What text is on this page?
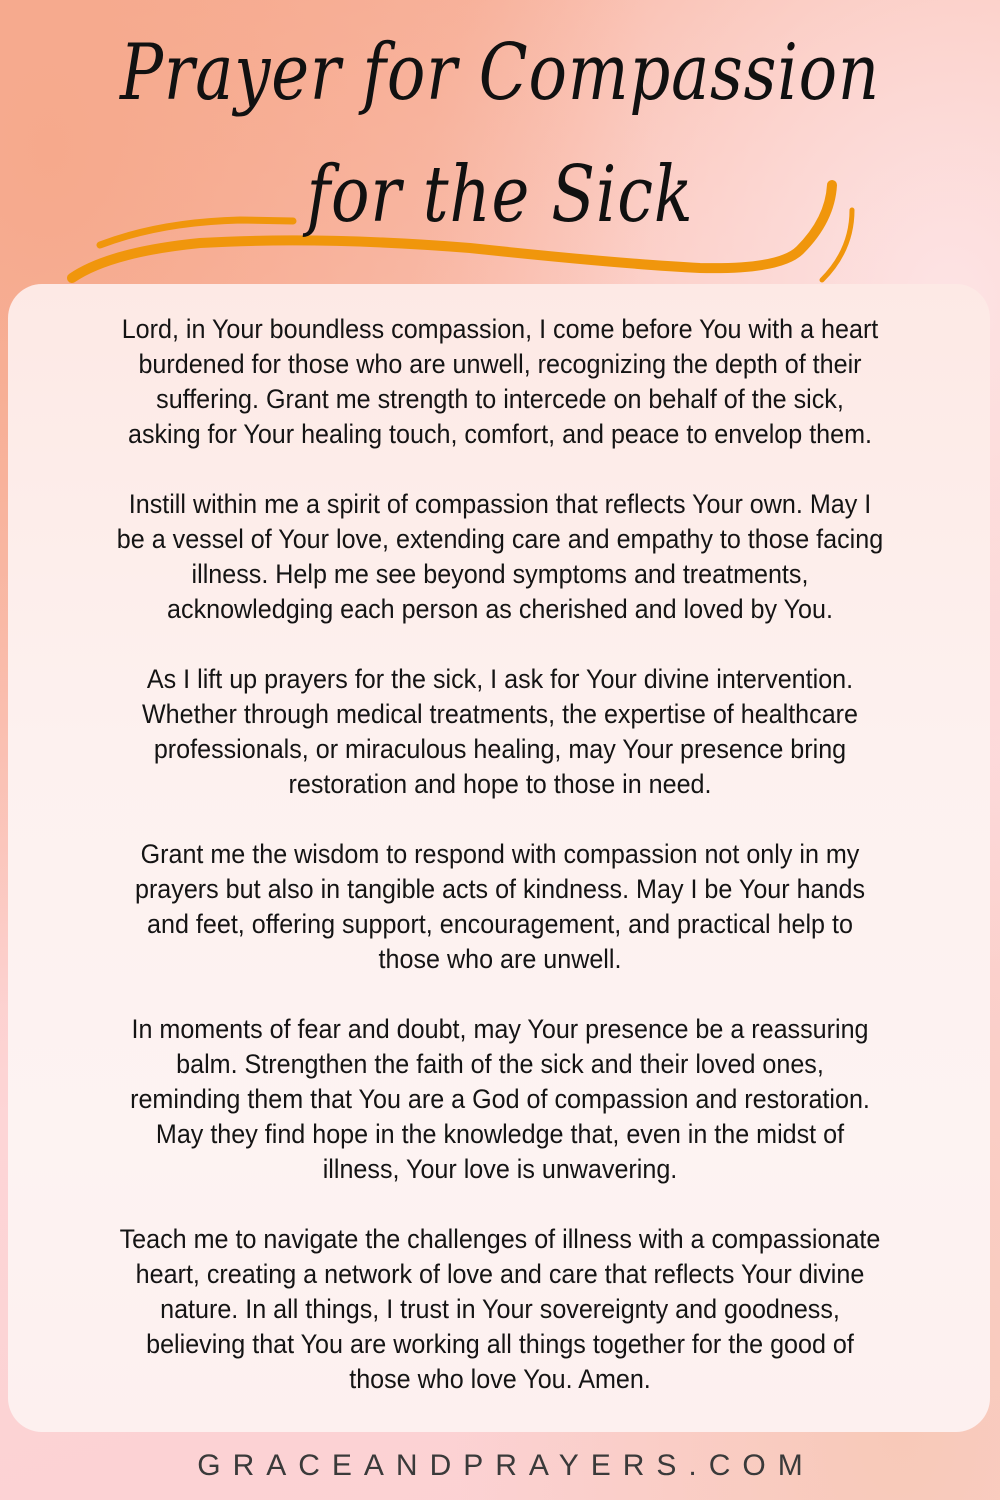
Prayer for Compassion
for the Sick
Lord, in Your boundless compassion, I come before You with a heart
burdened for those who are unwell, recognizing the depth of their
suffering. Grant me strength to intercede on behalf of the sick,
asking for Your healing touch, comfort, and peace to envelop them.
Instill within me a spirit of compassion that reflects Your own. May I
be a vessel of Your love, extending care and empathy to those facing
illness. Help me see beyond symptoms and treatments,
acknowledging each person as cherished and loved by You.
As I lift up prayers for the sick, I ask for Your divine intervention.
Whether through medical treatments, the expertise of healthcare
professionals, or miraculous healing, may Your presence bring
restoration and hope to those in need.
Grant me the wisdom to respond with compassion not only in my
prayers but also in tangible acts of kindness. May I be Your hands
and feet, offering support, encouragement, and practical help to
those who are unwell.
In moments of fear and doubt, may Your presence be a reassuring
balm. Strengthen the faith of the sick and their loved ones,
reminding them that You are a God of compassion and restoration.
May they find hope in the knowledge that, even in the midst of
illness, Your love is unwavering.
Teach me to navigate the challenges of illness with a compassionate
heart, creating a network of love and care that reflects Your divine
nature. In all things, I trust in Your sovereignty and goodness,
believing that You are working all things together for the good of
those who love You. Amen.
GRACEANDPRAYERS.COM
